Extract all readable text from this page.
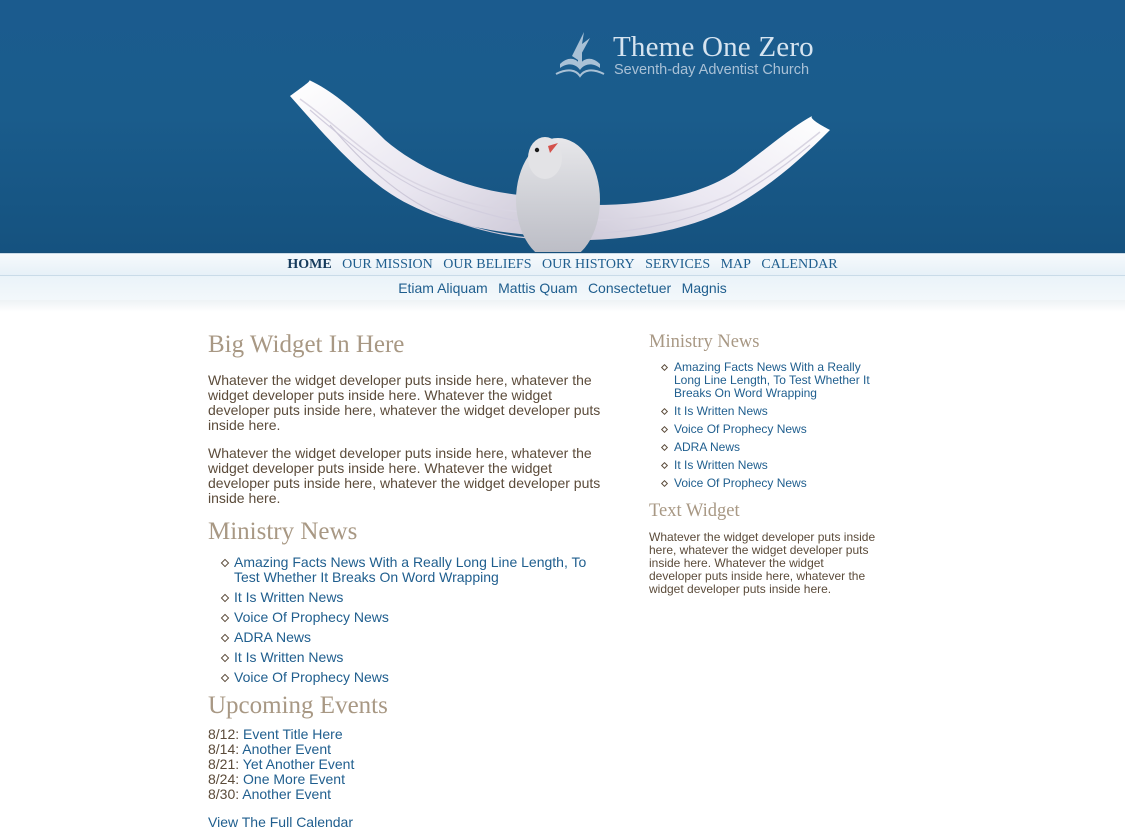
Theme One Zero
Seventh-day Adventist Church
HOME OUR MISSION OUR BELIEFS OUR HISTORY SERVICES MAP CALENDAR
Etiam Aliquam Mattis Quam Consectetuer Magnis
Big Widget In Here

Whatever the widget developer puts inside here, whatever the widget developer puts inside here. Whatever the widget developer puts inside here, whatever the widget developer puts inside here.

Whatever the widget developer puts inside here, whatever the widget developer puts inside here. Whatever the widget developer puts inside here, whatever the widget developer puts inside here.

Ministry News
Amazing Facts News With a Really Long Line Length, To Test Whether It Breaks On Word Wrapping
It Is Written News
Voice Of Prophecy News
ADRA News
It Is Written News
Voice Of Prophecy News
Upcoming Events
8/12: Event Title Here
8/14: Another Event
8/21: Yet Another Event
8/24: One More Event
8/30: Another Event
View The Full Calendar
Ministry News
Amazing Facts News With a Really Long Line Length, To Test Whether It Breaks On Word Wrapping
It Is Written News
Voice Of Prophecy News
ADRA News
It Is Written News
Voice Of Prophecy News
Text Widget

Whatever the widget developer puts inside here, whatever the widget developer puts inside here. Whatever the widget developer puts inside here, whatever the widget developer puts inside here.
